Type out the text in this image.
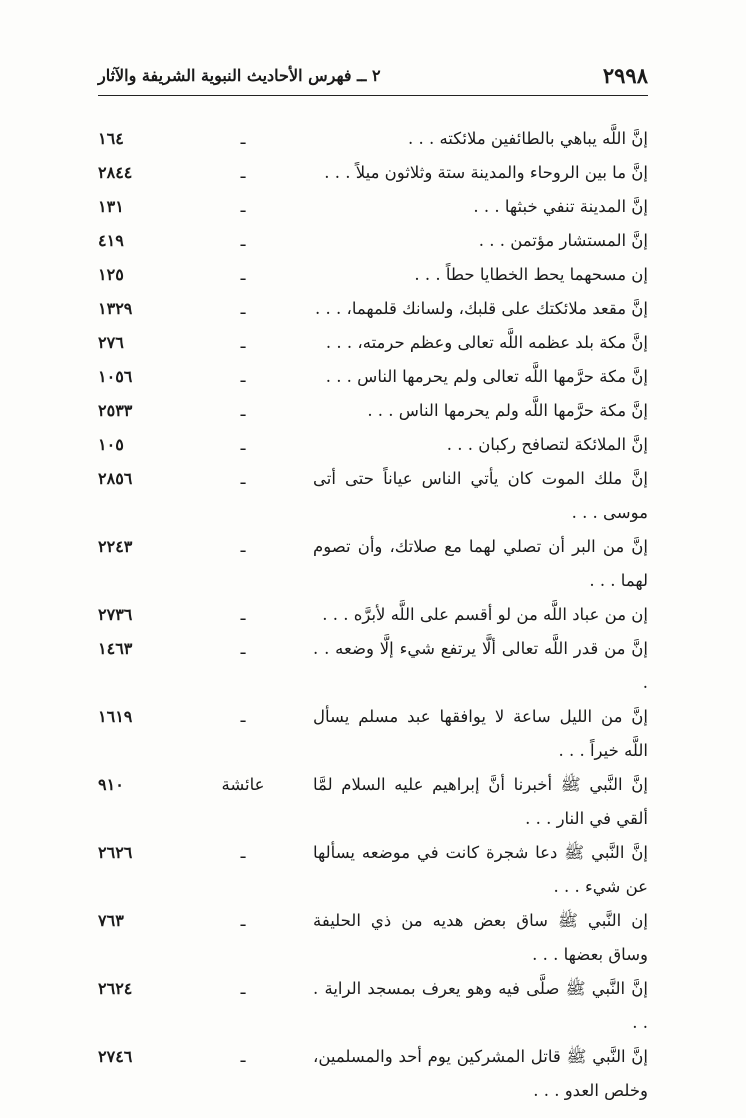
٢٩٩٨
٢ ــ فهرس الأحاديث النبوية الشريفة والآثار
إنَّ اللَّه يباهي بالطائفين ملائكته . . .
ـ
١٦٤
إنَّ ما بين الروحاء والمدينة ستة وثلاثون ميلاً . . .
ـ
٢٨٤٤
إنَّ المدينة تنفي خبثها . . .
ـ
١٣١
إنَّ المستشار مؤتمن . . .
ـ
٤١٩
إن مسحهما يحط الخطايا حطاً . . .
ـ
١٢٥
إنَّ مقعد ملائكتك على قلبك، ولسانك قلمهما، . . .
ـ
١٣٢٩
إنَّ مكة بلد عظمه اللَّه تعالى وعظم حرمته، . . .
ـ
٢٧٦
إنَّ مكة حرَّمها اللَّه تعالى ولم يحرمها الناس . . .
ـ
١٠٥٦
إنَّ مكة حرَّمها اللَّه ولم يحرمها الناس . . .
ـ
٢٥٣٣
إنَّ الملائكة لتصافح ركبان . . .
ـ
١٠٥
إنَّ ملك الموت كان يأتي الناس عياناً حتى أتى موسى . . .
ـ
٢٨٥٦
إنَّ من البر أن تصلي لهما مع صلاتك، وأن تصوم لهما . . .
ـ
٢٢٤٣
إن من عباد اللَّه من لو أقسم على اللَّه لأبرَّه . . .
ـ
٢٧٣٦
إنَّ من قدر اللَّه تعالى ألَّا يرتفع شيء إلَّا وضعه . . .
ـ
١٤٦٣
إنَّ من الليل ساعة لا يوافقها عبد مسلم يسأل اللَّه خيراً . . .
ـ
١٦١٩
إنَّ النَّبي ﷺ أخبرنا أنَّ إبراهيم عليه السلام لمَّا ألقي في النار . . .
عائشة
٩١٠
إنَّ النَّبي ﷺ دعا شجرة كانت في موضعه يسألها عن شيء . . .
ـ
٢٦٢٦
إن النَّبي ﷺ ساق بعض هديه من ذي الحليفة وساق بعضها . . .
ـ
٧٦٣
إنَّ النَّبي ﷺ صلَّى فيه وهو يعرف بمسجد الراية . . .
ـ
٢٦٢٤
إنَّ النَّبي ﷺ قاتل المشركين يوم أحد والمسلمين، وخلص العدو . . .
ـ
٢٧٤٦
